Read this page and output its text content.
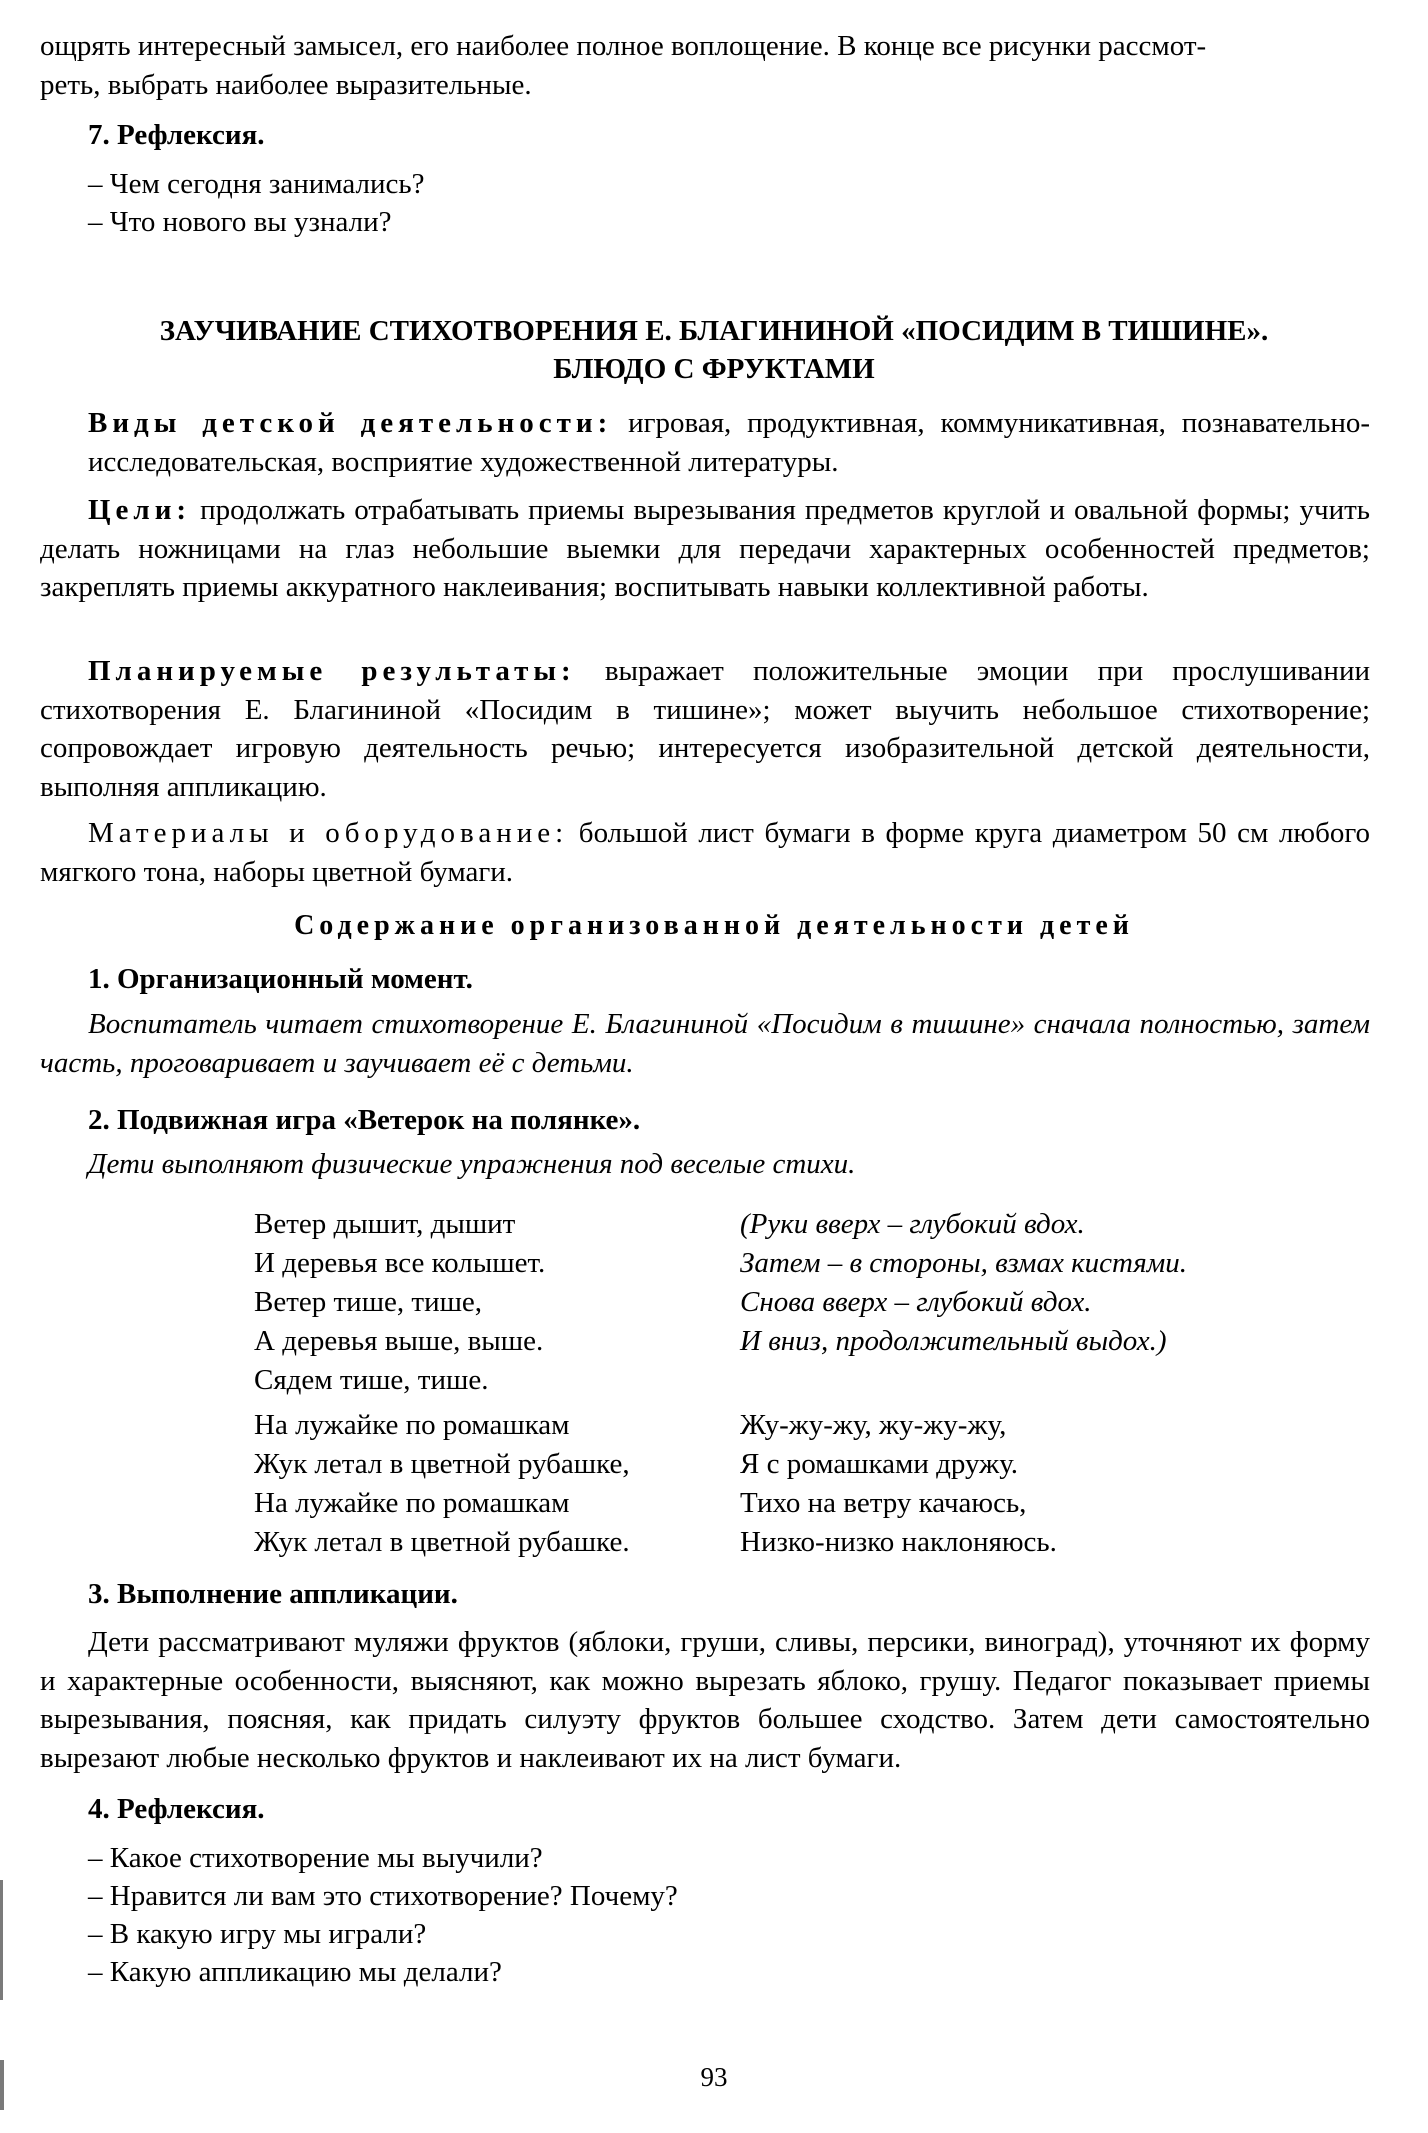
ощрять интересный замысел, его наиболее полное воплощение. В конце все рисунки рассмот-
реть, выбрать наиболее выразительные.
7. Рефлексия.
– Чем сегодня занимались?
– Что нового вы узнали?
ЗАУЧИВАНИЕ СТИХОТВОРЕНИЯ Е. БЛАГИНИНОЙ «ПОСИДИМ В ТИШИНЕ».
БЛЮДО С ФРУКТАМИ
Виды детской деятельности: игровая, продуктивная, коммуникативная, познавательно-исследовательская, восприятие художественной литературы.
Цели: продолжать отрабатывать приемы вырезывания предметов круглой и овальной формы; учить делать ножницами на глаз небольшие выемки для передачи характерных особенностей предметов; закреплять приемы аккуратного наклеивания; воспитывать навыки коллективной работы.
Планируемые результаты: выражает положительные эмоции при прослушивании стихотворения Е. Благининой «Посидим в тишине»; может выучить небольшое стихотворение; сопровождает игровую деятельность речью; интересуется изобразительной детской деятельности, выполняя аппликацию.
Материалы и оборудование: большой лист бумаги в форме круга диаметром 50 см любого мягкого тона, наборы цветной бумаги.
Содержание организованной деятельности детей
1. Организационный момент.
Воспитатель читает стихотворение Е. Благининой «Посидим в тишине» сначала полностью, затем часть, проговаривает и заучивает её с детьми.
2. Подвижная игра «Ветерок на полянке».
Дети выполняют физические упражнения под веселые стихи.
Ветер дышит, дышит
И деревья все колышет.
Ветер тише, тише,
А деревья выше, выше.
Сядем тише, тише.
(Руки вверх – глубокий вдох.
Затем – в стороны, взмах кистями.
Снова вверх – глубокий вдох.
И вниз, продолжительный выдох.)
На лужайке по ромашкам
Жук летал в цветной рубашке,
На лужайке по ромашкам
Жук летал в цветной рубашке.
Жу-жу-жу, жу-жу-жу,
Я с ромашками дружу.
Тихо на ветру качаюсь,
Низко-низко наклоняюсь.
3. Выполнение аппликации.
Дети рассматривают муляжи фруктов (яблоки, груши, сливы, персики, виноград), уточняют их форму и характерные особенности, выясняют, как можно вырезать яблоко, грушу. Педагог показывает приемы вырезывания, поясняя, как придать силуэту фруктов большее сходство. Затем дети самостоятельно вырезают любые несколько фруктов и наклеивают их на лист бумаги.
4. Рефлексия.
– Какое стихотворение мы выучили?
– Нравится ли вам это стихотворение? Почему?
– В какую игру мы играли?
– Какую аппликацию мы делали?
93
